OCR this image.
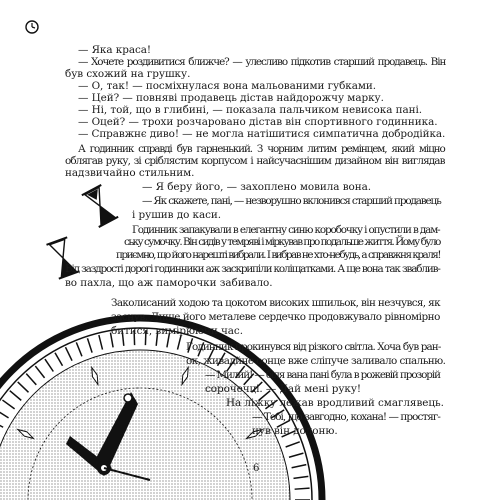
— Яка краса!
— Хочете роздивитися ближче? — улесливо підкотив старший продавець. Він
був схожий на грушку.
— О, так! — посміхнулася вона мальованими губками.
— Цей? — повняві продавець дістав найдорожчу марку.
— Ні, той, що в глибині, — показала пальчиком невисока пані.
— Оцей? — трохи розчаровано дістав він спортивного годинника.
— Справжнє диво! — не могла натішитися симпатична добродійка.
А годинник справді був гарненький. З чорним литим ремінцем, який міцно
облягав руку, зі сріблястим корпусом і найсучаснішим дизайном він виглядав
надзвичайно стильним.
— Я беру його, — захоплено мовила вона.
— Як скажете, пані, — незворушно вклонився старший продавець
і рушив до каси.
Годинник запакували в елегантну синю коробочку і опустили в дам-
ську сумочку. Він сидів у темряві і міркував про подальше життя. Йому було
приємно, що його нарешті вибрали. І вибрав не хто-небудь, а справжня краля!
Від заздрості дорогі годинники аж заскрипіли коліщатками. А ще вона так зваблив-
во пахла, що аж паморочки забивало.
Заколисаний ходою та цокотом високих шпильок, він незчувся, як
заснув. Лише його металеве сердечко продовжувало рівномірно
битися, вимірюючи час.
Годинник прокинувся від різкого світла. Хоча був ран-
ок, живадйне сонце вже сліпуче заливало спальню.
— Милий! — біля вана пані була в рожевій прозорій
сорочечці. — Дай мені руку!
На ліжку лежав вродливий смаглявець.
— Тобі, що завгодно, кохана! — простяг-
нув він долоню.
6
